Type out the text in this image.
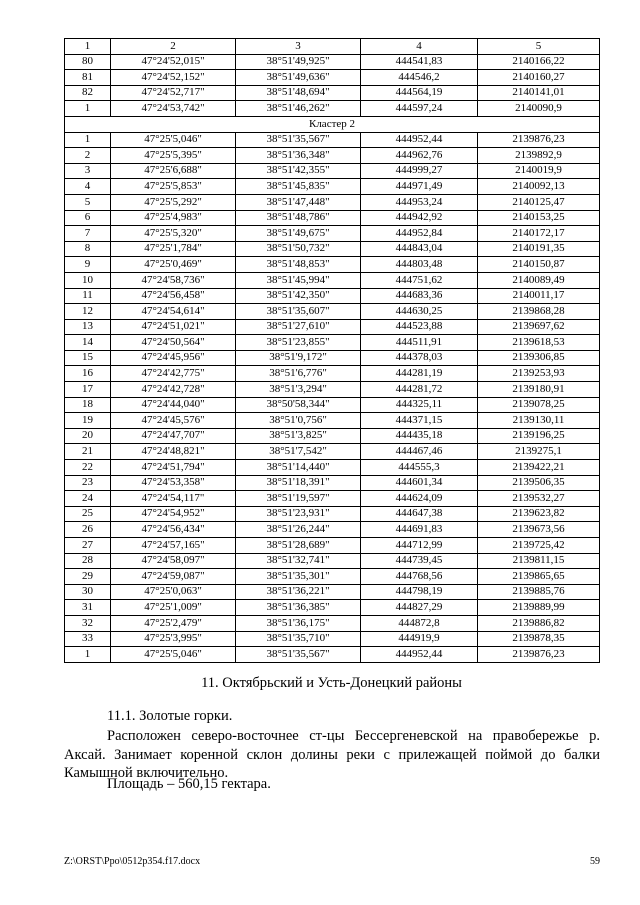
1	2	3	4	5
80	47°24'52,015"	38°51'49,925"	444541,83	2140166,22
81	47°24'52,152"	38°51'49,636"	444546,2	2140160,27
82	47°24'52,717"	38°51'48,694"	444564,19	2140141,01
1	47°24'53,742"	38°51'46,262"	444597,24	2140090,9
Кластер 2				
1	47°25'5,046"	38°51'35,567"	444952,44	2139876,23
2	47°25'5,395"	38°51'36,348"	444962,76	2139892,9
3	47°25'6,688"	38°51'42,355"	444999,27	2140019,9
4	47°25'5,853"	38°51'45,835"	444971,49	2140092,13
5	47°25'5,292"	38°51'47,448"	444953,24	2140125,47
6	47°25'4,983"	38°51'48,786"	444942,92	2140153,25
7	47°25'5,320"	38°51'49,675"	444952,84	2140172,17
8	47°25'1,784"	38°51'50,732"	444843,04	2140191,35
9	47°25'0,469"	38°51'48,853"	444803,48	2140150,87
10	47°24'58,736"	38°51'45,994"	444751,62	2140089,49
11	47°24'56,458"	38°51'42,350"	444683,36	2140011,17
12	47°24'54,614"	38°51'35,607"	444630,25	2139868,28
13	47°24'51,021"	38°51'27,610"	444523,88	2139697,62
14	47°24'50,564"	38°51'23,855"	444511,91	2139618,53
15	47°24'45,956"	38°51'9,172"	444378,03	2139306,85
16	47°24'42,775"	38°51'6,776"	444281,19	2139253,93
17	47°24'42,728"	38°51'3,294"	444281,72	2139180,91
18	47°24'44,040"	38°50'58,344"	444325,11	2139078,25
19	47°24'45,576"	38°51'0,756"	444371,15	2139130,11
20	47°24'47,707"	38°51'3,825"	444435,18	2139196,25
21	47°24'48,821"	38°51'7,542"	444467,46	2139275,1
22	47°24'51,794"	38°51'14,440"	444555,3	2139422,21
23	47°24'53,358"	38°51'18,391"	444601,34	2139506,35
24	47°24'54,117"	38°51'19,597"	444624,09	2139532,27
25	47°24'54,952"	38°51'23,931"	444647,38	2139623,82
26	47°24'56,434"	38°51'26,244"	444691,83	2139673,56
27	47°24'57,165"	38°51'28,689"	444712,99	2139725,42
28	47°24'58,097"	38°51'32,741"	444739,45	2139811,15
29	47°24'59,087"	38°51'35,301"	444768,56	2139865,65
30	47°25'0,063"	38°51'36,221"	444798,19	2139885,76
31	47°25'1,009"	38°51'36,385"	444827,29	2139889,99
32	47°25'2,479"	38°51'36,175"	444872,8	2139886,82
33	47°25'3,995"	38°51'35,710"	444919,9	2139878,35
1	47°25'5,046"	38°51'35,567"	444952,44	2139876,23
11. Октябрьский и Усть-Донецкий районы
11.1. Золотые горки.

Расположен северо-восточнее ст-цы Бессергеневской на правобережье р. Аксай. Занимает коренной склон долины реки с прилежащей поймой до балки Камышной включительно.

Площадь – 560,15 гектара.
Z:\ORST\Ppo\0512p354.f17.docx	59
